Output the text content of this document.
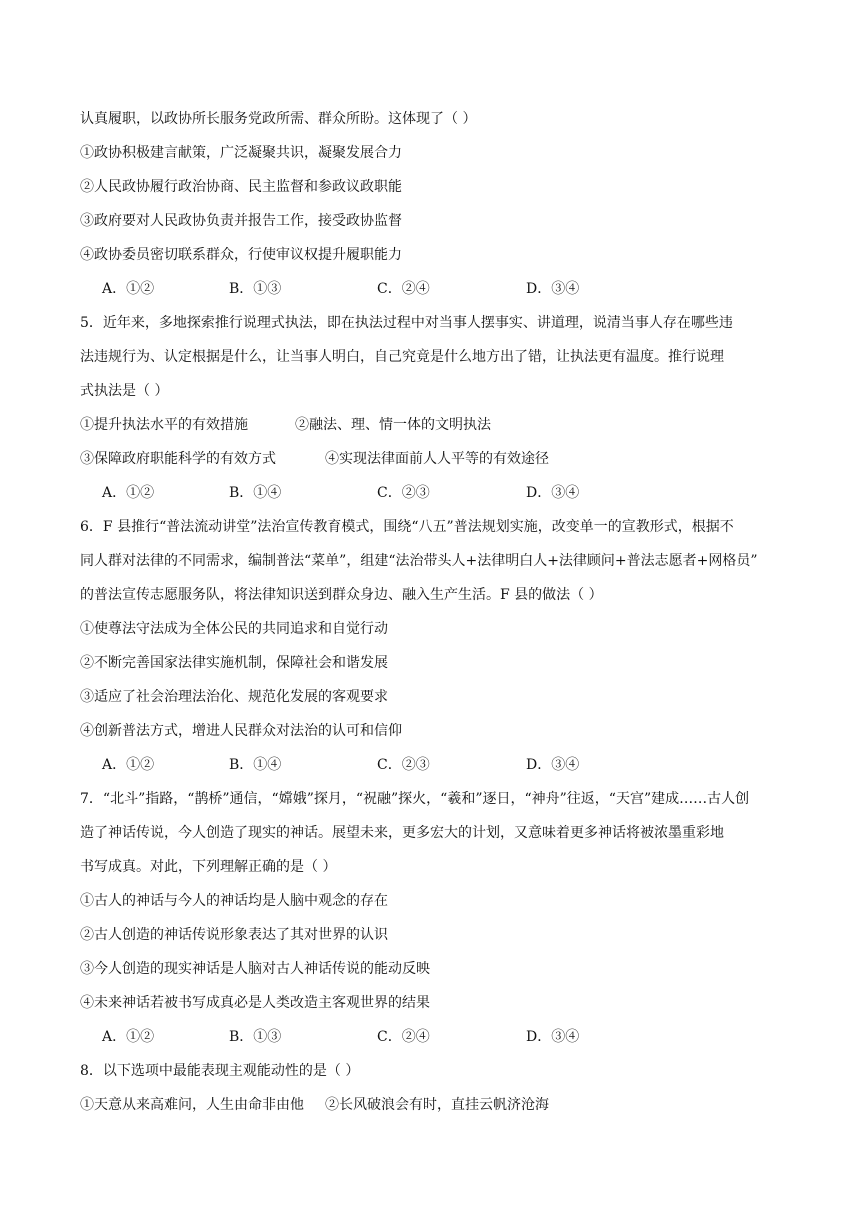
认真履职，以政协所长服务党政所需、群众所盼。这体现了（ ）
①政协积极建言献策，广泛凝聚共识，凝聚发展合力
②人民政协履行政治协商、民主监督和参政议政职能
③政府要对人民政协负责并报告工作，接受政协监督
④政协委员密切联系群众，行使审议权提升履职能力
A．①②	B．①③	C．②④	D．③④
5．近年来，多地探索推行说理式执法，即在执法过程中对当事人摆事实、讲道理，说清当事人存在哪些违
法违规行为、认定根据是什么，让当事人明白，自己究竟是什么地方出了错，让执法更有温度。推行说理
式执法是（ ）
①提升执法水平的有效措施	②融法、理、情一体的文明执法
③保障政府职能科学的有效方式	④实现法律面前人人平等的有效途径
A．①②	B．①④	C．②③	D．③④
6．F 县推行“普法流动讲堂”法治宣传教育模式，围绕“八五”普法规划实施，改变单一的宣教形式，根据不
同人群对法律的不同需求，编制普法“菜单”，组建“法治带头人+法律明白人+法律顾问+普法志愿者+网格员”
的普法宣传志愿服务队，将法律知识送到群众身边、融入生产生活。F 县的做法（ ）
①使尊法守法成为全体公民的共同追求和自觉行动
②不断完善国家法律实施机制，保障社会和谐发展
③适应了社会治理法治化、规范化发展的客观要求
④创新普法方式，增进人民群众对法治的认可和信仰
A．①②	B．①④	C．②③	D．③④
7．“北斗”指路，“鹊桥”通信，“嫦娥”探月，“祝融”探火，“羲和”逐日，“神舟”往返，“天宫”建成……古人创
造了神话传说，今人创造了现实的神话。展望未来，更多宏大的计划，又意味着更多神话将被浓墨重彩地
书写成真。对此，下列理解正确的是（ ）
①古人的神话与今人的神话均是人脑中观念的存在
②古人创造的神话传说形象表达了其对世界的认识
③今人创造的现实神话是人脑对古人神话传说的能动反映
④未来神话若被书写成真必是人类改造主客观世界的结果
A．①②	B．①③	C．②④	D．③④
8．以下选项中最能表现主观能动性的是（ ）
①天意从来高难问，人生由命非由他 ②长风破浪会有时，直挂云帆济沧海
